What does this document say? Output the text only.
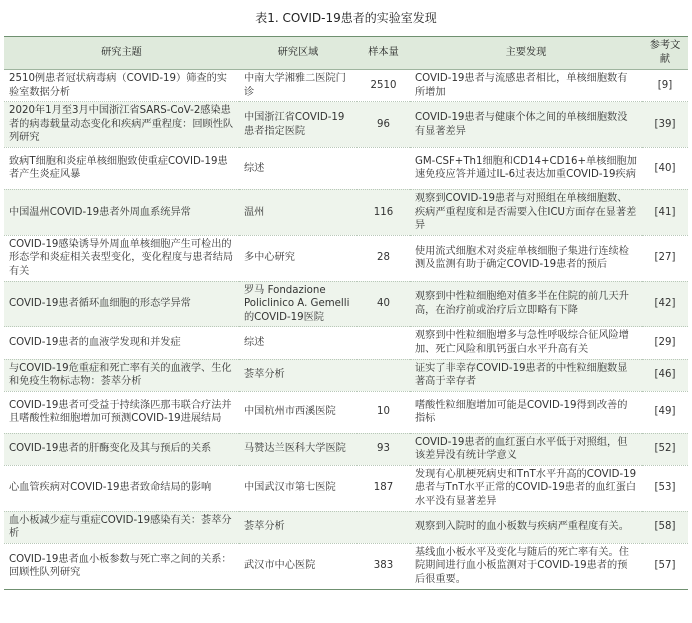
表1. COVID-19患者的实验室发现
研究主题	研究区域	样本量	主要发现	参考文献
2510例患者冠状病毒病（COVID-19）筛查的实验室数据分析	中南大学湘雅二医院门诊	2510	COVID-19患者与流感患者相比，单核细胞数有所增加	[9]
2020年1月至3月中国浙江省SARS-CoV-2感染患者的病毒载量动态变化和疾病严重程度：回顾性队列研究	中国浙江省COVID-19患者指定医院	96	COVID-19患者与健康个体之间的单核细胞数没有显著差异	[39]
致病T细胞和炎症单核细胞致使重症COVID-19患者产生炎症风暴	综述		GM-CSF+Th1细胞和CD14+CD16+单核细胞加速免疫应答并通过IL-6过表达加重COVID-19疾病	[40]
中国温州COVID-19患者外周血系统异常	温州	116	观察到COVID-19患者与对照组在单核细胞数、疾病严重程度和是否需要入住ICU方面存在显著差异	[41]
COVID-19感染诱导外周血单核细胞产生可检出的形态学和炎症相关表型变化，变化程度与患者结局有关	多中心研究	28	使用流式细胞术对炎症单核细胞子集进行连续检测及监测有助于确定COVID-19患者的预后	[27]
COVID-19患者循环血细胞的形态学异常	罗马 Fondazione Policlinico A. Gemelli 的COVID-19医院	40	观察到中性粒细胞绝对值多半在住院的前几天升高，在治疗前或治疗后立即略有下降	[42]
COVID-19患者的血液学发现和并发症	综述		观察到中性粒细胞增多与急性呼吸综合征风险增加、死亡风险和肌钙蛋白水平升高有关	[29]
与COVID-19危重症和死亡率有关的血液学、生化和免疫生物标志物：荟萃分析	荟萃分析		证实了非幸存COVID-19患者的中性粒细胞数显著高于幸存者	[46]
COVID-19患者可受益于持续涤匹那韦联合疗法并且嗜酸性粒细胞增加可预测COVID-19进展结局	中国杭州市西溪医院	10	嗜酸性粒细胞增加可能是COVID-19得到改善的指标	[49]
COVID-19患者的肝酶变化及其与预后的关系	马赞达兰医科大学医院	93	COVID-19患者的血红蛋白水平低于对照组，但该差异没有统计学意义	[52]
心血管疾病对COVID-19患者致命结局的影响	中国武汉市第七医院	187	发现有心肌梗死病史和TnT水平升高的COVID-19患者与TnT水平正常的COVID-19患者的血红蛋白水平没有显著差异	[53]
血小板减少症与重症COVID-19感染有关：荟萃分析	荟萃分析		观察到入院时的血小板数与疾病严重程度有关。	[58]
COVID-19患者血小板参数与死亡率之间的关系：回顾性队列研究	武汉市中心医院	383	基线血小板水平及变化与随后的死亡率有关。住院期间进行血小板监测对于COVID-19患者的预后很重要。	[57]
